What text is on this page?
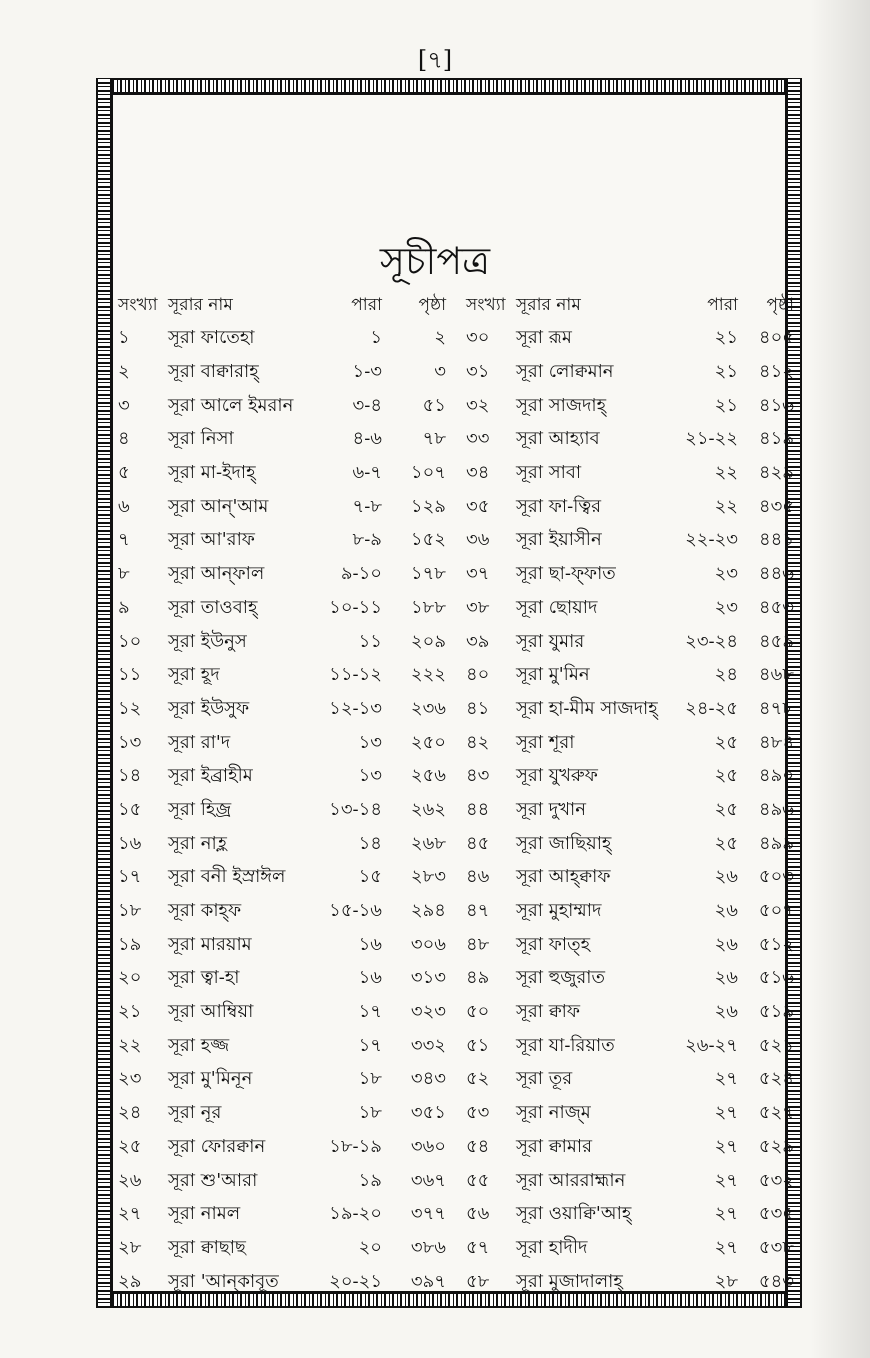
[৭]
সূচীপত্র
সংখ্যা সূরার নাম	পারা	পৃষ্ঠা
১	সূরা ফাতেহা	১	২
২	সূরা বাক্বারাহ্	১-৩	৩
৩	সূরা আলে ইমরান	৩-৪	৫১
৪	সূরা নিসা	৪-৬	৭৮
৫	সূরা মা-ইদাহ্	৬-৭	১০৭
৬	সূরা আন্'আম	৭-৮	১২৯
৭	সূরা আ'রাফ	৮-৯	১৫২
৮	সূরা আন্ফাল	৯-১০	১৭৮
৯	সূরা তাওবাহ্	১০-১১	১৮৮
১০	সূরা ইউনুস	১১	২০৯
১১	সূরা হূদ	১১-১২	২২২
১২	সূরা ইউসুফ	১২-১৩	২৩৬
১৩	সূরা রা'দ	১৩	২৫০
১৪	সূরা ইব্রাহীম	১৩	২৫৬
১৫	সূরা হিজ্র	১৩-১৪	২৬২
১৬	সূরা নাহ্ল	১৪	২৬৮
১৭	সূরা বনী ইস্রাঈল	১৫	২৮৩
১৮	সূরা কাহ্ফ	১৫-১৬	২৯৪
১৯	সূরা মারয়াম	১৬	৩০৬
২০	সূরা ত্বা-হা	১৬	৩১৩
২১	সূরা আম্বিয়া	১৭	৩২৩
২২	সূরা হজ্জ	১৭	৩৩২
২৩	সূরা মু'মিনূন	১৮	৩৪৩
২৪	সূরা নূর	১৮	৩৫১
২৫	সূরা ফোরক্বান	১৮-১৯	৩৬০
২৬	সূরা শু'আরা	১৯	৩৬৭
২৭	সূরা নামল	১৯-২০	৩৭৭
২৮	সূরা ক্বাছাছ	২০	৩৮৬
২৯	সূরা 'আন্কাবূত	২০-২১	৩৯৭
সংখ্যা সূরার নাম	পারা	পৃষ্ঠা
৩০	সূরা রূম	২১	৪০৫
৩১	সূরা লোক্বমান	২১	৪১২
৩২	সূরা সাজদাহ্	২১	৪১৬
৩৩	সূরা আহ্যাব	২১-২২	৪১৯
৩৪	সূরা সাবা	২২	৪২৯
৩৫	সূরা ফা-ত্বির	২২	৪৩৫
৩৬	সূরা ইয়াসীন	২২-২৩	৪৪১
৩৭	সূরা ছা-ফ্ফাত	২৩	৪৪৬
৩৮	সূরা ছোয়াদ	২৩	৪৫৩
৩৯	সূরা যুমার	২৩-২৪	৪৫৯
৪০	সূরা মু'মিন	২৪	৪৬৮
৪১	সূরা হা-মীম সাজদাহ্	২৪-২৫	৪৭৮
৪২	সূরা শূরা	২৫	৪৮৪
৪৩	সূরা যুখরুফ	২৫	৪৯০
৪৪	সূরা দুখান	২৫	৪৯৬
৪৫	সূরা জাছিয়াহ্	২৫	৪৯৯
৪৬	সূরা আহ্ক্বাফ	২৬	৫০৩
৪৭	সূরা মুহাম্মাদ	২৬	৫০৭
৪৮	সূরা ফাত্হ	২৬	৫১২
৪৯	সূরা হুজুরাত	২৬	৫১৬
৫০	সূরা ক্বাফ	২৬	৫১৯
৫১	সূরা যা-রিয়াত	২৬-২৭	৫২১
৫২	সূরা তূর	২৭	৫২৪
৫৩	সূরা নাজ্ম	২৭	৫২৭
৫৪	সূরা ক্বামার	২৭	৫২৯
৫৫	সূরা আররাহ্মান	২৭	৫৩২
৫৬	সূরা ওয়াক্বি'আহ্	২৭	৫৩৫
৫৭	সূরা হাদীদ	২৭	৫৩৮
৫৮	সূরা মুজাদালাহ্	২৮	৫৪৩
